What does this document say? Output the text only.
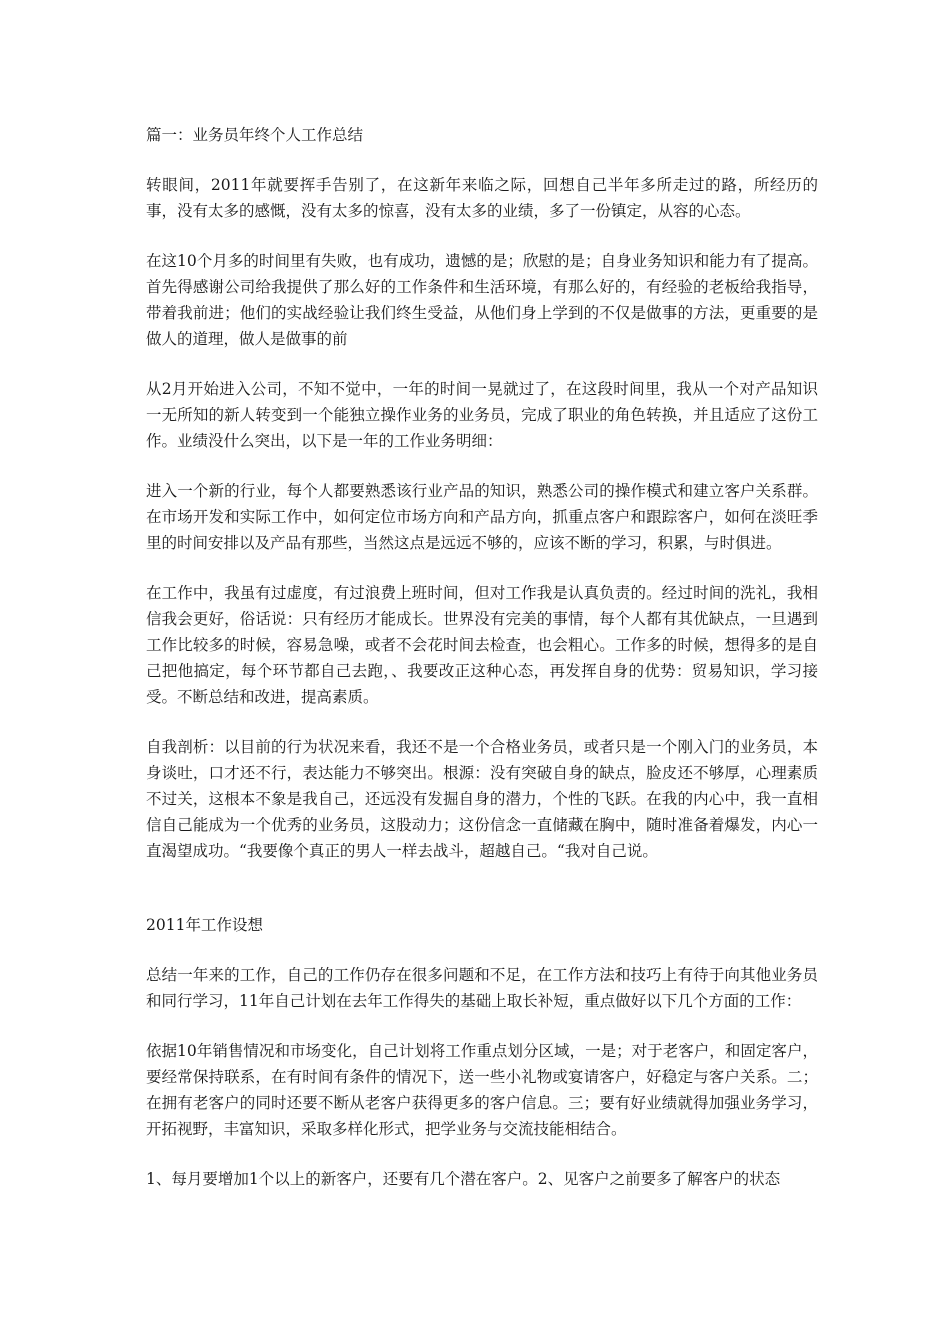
篇一：业务员年终个人工作总结

转眼间，2011年就要挥手告别了，在这新年来临之际，回想自己半年多所走过的路，所经历的事，没有太多的感慨，没有太多的惊喜，没有太多的业绩，多了一份镇定，从容的心态。

在这10个月多的时间里有失败，也有成功，遗憾的是；欣慰的是；自身业务知识和能力有了提高。首先得感谢公司给我提供了那么好的工作条件和生活环境，有那么好的，有经验的老板给我指导，带着我前进；他们的实战经验让我们终生受益，从他们身上学到的不仅是做事的方法，更重要的是做人的道理，做人是做事的前

从2月开始进入公司，不知不觉中，一年的时间一晃就过了，在这段时间里，我从一个对产品知识一无所知的新人转变到一个能独立操作业务的业务员，完成了职业的角色转换，并且适应了这份工作。业绩没什么突出，以下是一年的工作业务明细：

进入一个新的行业，每个人都要熟悉该行业产品的知识，熟悉公司的操作模式和建立客户关系群。在市场开发和实际工作中，如何定位市场方向和产品方向，抓重点客户和跟踪客户，如何在淡旺季里的时间安排以及产品有那些，当然这点是远远不够的，应该不断的学习，积累，与时俱进。

在工作中，我虽有过虚度，有过浪费上班时间，但对工作我是认真负责的。经过时间的洗礼，我相信我会更好，俗话说：只有经历才能成长。世界没有完美的事情，每个人都有其优缺点，一旦遇到工作比较多的时候，容易急噪，或者不会花时间去检查，也会粗心。工作多的时候，想得多的是自己把他搞定，每个环节都自己去跑，、我要改正这种心态，再发挥自身的优势：贸易知识，学习接受。不断总结和改进，提高素质。

自我剖析：以目前的行为状况来看，我还不是一个合格业务员，或者只是一个刚入门的业务员，本身谈吐，口才还不行，表达能力不够突出。根源：没有突破自身的缺点，脸皮还不够厚，心理素质不过关，这根本不象是我自己，还远没有发掘自身的潜力，个性的飞跃。在我的内心中，我一直相信自己能成为一个优秀的业务员，这股动力；这份信念一直储藏在胸中，随时准备着爆发，内心一直渴望成功。“我要像个真正的男人一样去战斗，超越自己。“我对自己说。

2011年工作设想

总结一年来的工作，自己的工作仍存在很多问题和不足，在工作方法和技巧上有待于向其他业务员和同行学习，11年自己计划在去年工作得失的基础上取长补短，重点做好以下几个方面的工作：

依据10年销售情况和市场变化，自己计划将工作重点划分区域，一是；对于老客户，和固定客户，要经常保持联系，在有时间有条件的情况下，送一些小礼物或宴请客户，好稳定与客户关系。二；在拥有老客户的同时还要不断从老客户获得更多的客户信息。三；要有好业绩就得加强业务学习，开拓视野，丰富知识，采取多样化形式，把学业务与交流技能相结合。

1、每月要增加1个以上的新客户，还要有几个潜在客户。2、见客户之前要多了解客户的状态
